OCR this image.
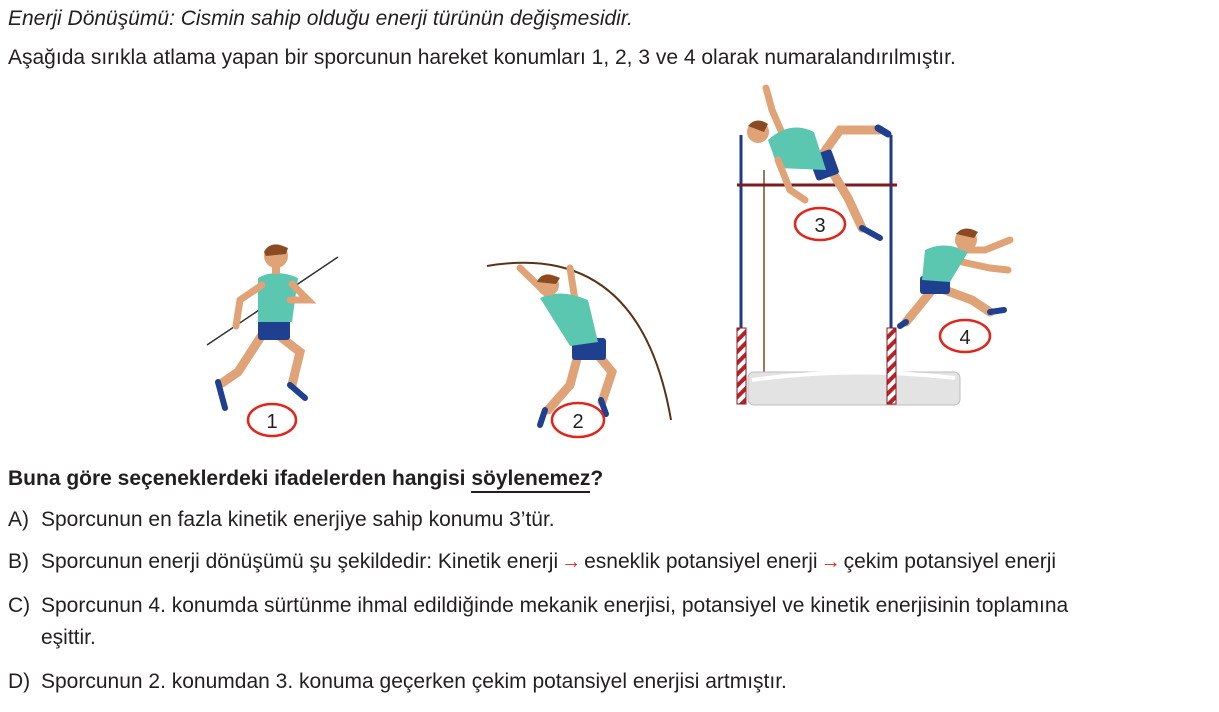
Enerji Dönüşümü: Cismin sahip olduğu enerji türünün değişmesidir.
Aşağıda sırıkla atlama yapan bir sporcunun hareket konumları 1, 2, 3 ve 4 olarak numaralandırılmıştır.
1	2
3
4
Buna göre seçeneklerdeki ifadelerden hangisi söylenemez?
A) Sporcunun en fazla kinetik enerjiye sahip konumu 3’tür.
B) Sporcunun enerji dönüşümü şu şekildedir: Kinetik enerji → esneklik potansiyel enerji → çekim potansiyel enerji
C) Sporcunun 4. konumda sürtünme ihmal edildiğinde mekanik enerjisi, potansiyel ve kinetik enerjisinin toplamına
eşittir.
D) Sporcunun 2. konumdan 3. konuma geçerken çekim potansiyel enerjisi artmıştır.
